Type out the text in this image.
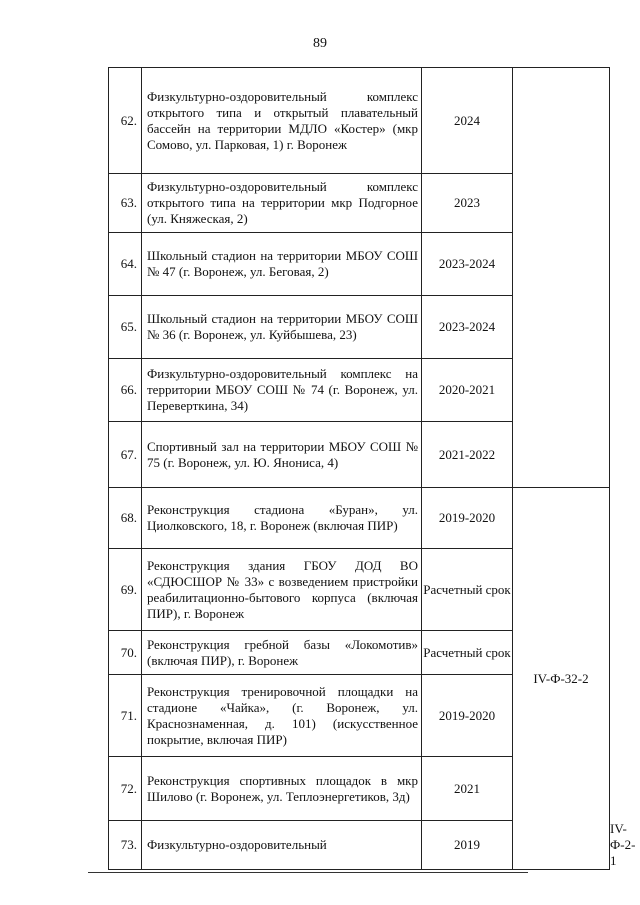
89
62.	Физкультурно-оздоровительный комплекс открытого типа и открытый плавательный бассейн на территории МДЛО «Костер» (мкр Сомово, ул. Парковая, 1) г. Воронеж	2024		
63.	Физкультурно-оздоровительный комплекс открытого типа на территории мкр Подгорное (ул. Княжеская, 2)	2023		
64.	Школьный стадион на территории МБОУ СОШ № 47 (г. Воронеж, ул. Беговая, 2)	2023-2024		
65.	Школьный стадион на территории МБОУ СОШ № 36 (г. Воронеж, ул. Куйбышева, 23)	2023-2024		
66.	Физкультурно-оздоровительный комплекс на территории МБОУ СОШ № 74 (г. Воронеж, ул. Переверткина, 34)	2020-2021		
67.	Спортивный зал на территории МБОУ СОШ № 75 (г. Воронеж, ул. Ю. Янониса, 4)	2021-2022		
68.	Реконструкция стадиона «Буран», ул. Циолковского, 18, г. Воронеж (включая ПИР)	2019-2020	IV-Ф-32-2	
69.	Реконструкция здания ГБОУ ДОД ВО «СДЮСШОР № 33» с возведением пристройки реабилитационно-бытового корпуса (включая ПИР), г. Воронеж	Расчетный срок		
70.	Реконструкция гребной базы «Локомотив» (включая ПИР), г. Воронеж	Расчетный срок		
71.	Реконструкция тренировочной площадки на стадионе «Чайка», (г. Воронеж, ул. Краснознаменная, д. 101) (искусственное покрытие, включая ПИР)	2019-2020		
72.	Реконструкция спортивных площадок в мкр Шилово (г. Воронеж, ул. Теплоэнергетиков, 3д)	2021		
73.	Физкультурно-оздоровительный	2019		IV-Ф-2-1
